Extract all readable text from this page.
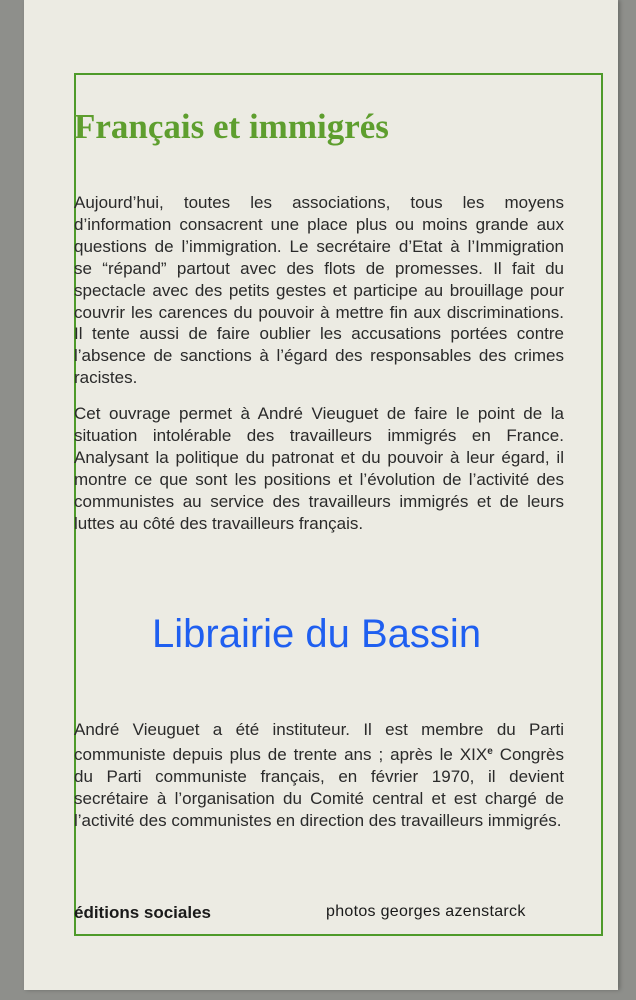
Français et immigrés

Aujourd’hui, toutes les associations, tous les moyens d’information consacrent une place plus ou moins grande aux questions de l’immigration. Le secrétaire d’Etat à l’Immigration se “répand” partout avec des flots de promesses. Il fait du spectacle avec des petits gestes et participe au brouillage pour couvrir les carences du pouvoir à mettre fin aux discriminations. Il tente aussi de faire oublier les accusations portées contre l’absence de sanctions à l’égard des responsables des crimes racistes.

Cet ouvrage permet à André Vieuguet de faire le point de la situation intolérable des travailleurs immigrés en France. Analysant la politique du patronat et du pouvoir à leur égard, il montre ce que sont les positions et l’évolution de l’activité des communistes au service des travailleurs immigrés et de leurs luttes au côté des travailleurs français.

Librairie du Bassin

André Vieuguet a été instituteur. Il est membre du Parti communiste depuis plus de trente ans ; après le XIXe Congrès du Parti communiste français, en février 1970, il devient secrétaire à l’organisation du Comité central et est chargé de l’activité des communistes en direction des travailleurs immigrés.

éditions sociales	photos georges azenstarck
